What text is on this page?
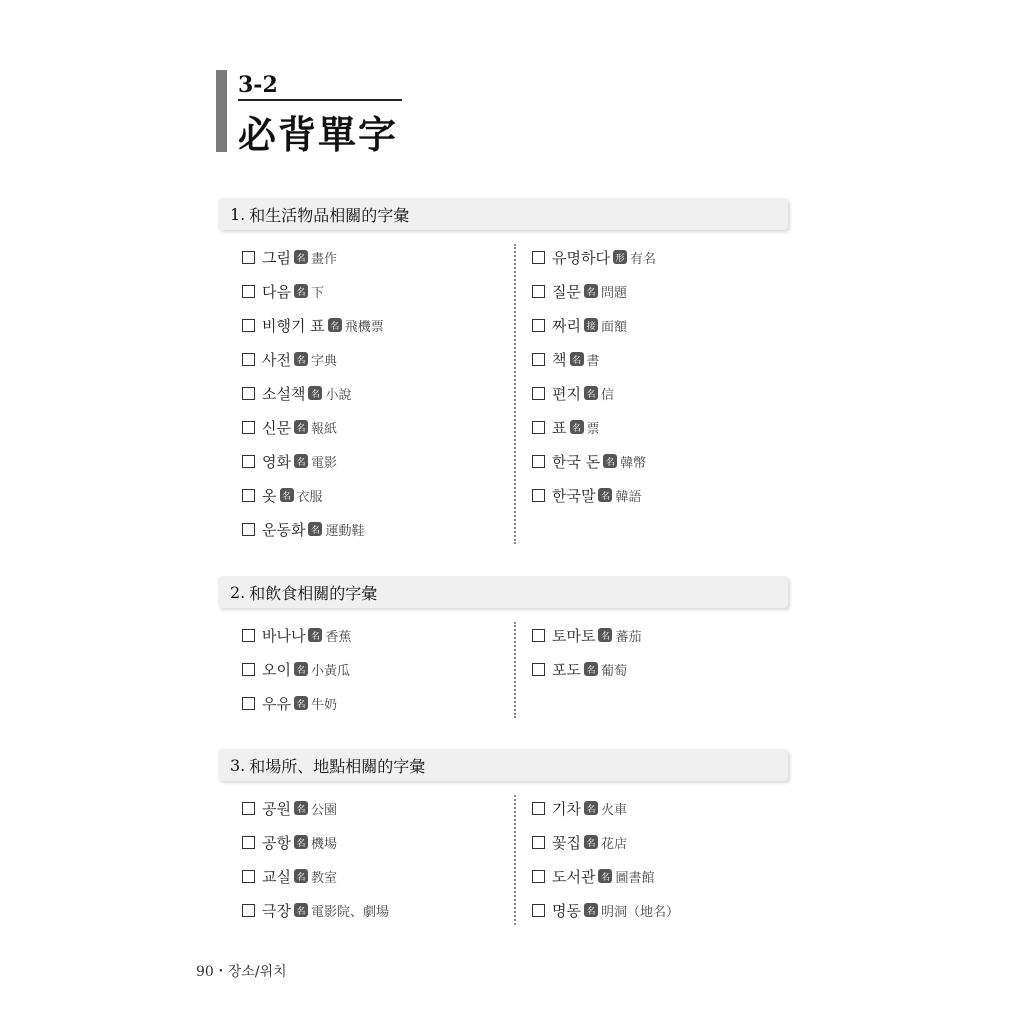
3-2
必背單字
1. 和生活物品相關的字彙
그림 名 畫作
다음 名 下
비행기 표 名 飛機票
사전 名 字典
소설책 名 小說
신문 名 報紙
영화 名 電影
옷 名 衣服
운동화 名 運動鞋
유명하다 形 有名
질문 名 問題
짜리 接 面額
책 名 書
편지 名 信
표 名 票
한국 돈 名 韓幣
한국말 名 韓語
2. 和飲食相關的字彙
바나나 名 香蕉
오이 名 小黃瓜
우유 名 牛奶
토마토 名 蕃茄
포도 名 葡萄
3. 和場所、地點相關的字彙
공원 名 公園
공항 名 機場
교실 名 教室
극장 名 電影院、劇場
기차 名 火車
꽃집 名 花店
도서관 名 圖書館
명동 名 明洞（地名）
90・장소/위치
